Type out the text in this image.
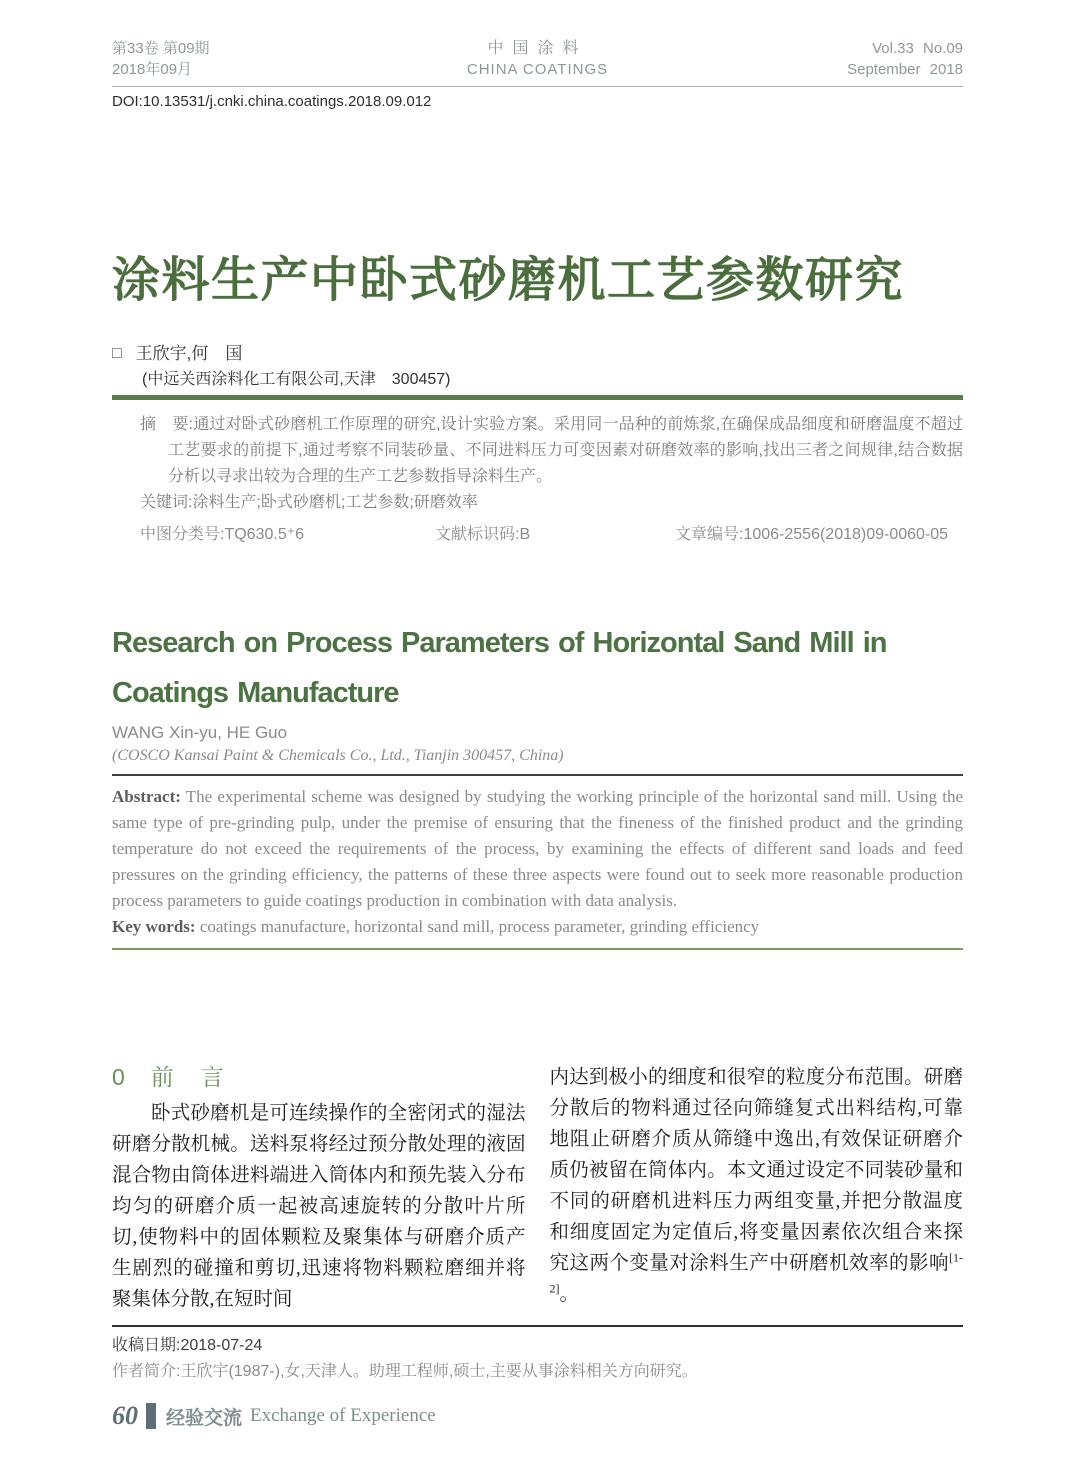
第33卷 第09期
2018年09月
中国涂料
CHINA COATINGS
Vol.33 No.09
September 2018
DOI:10.13531/j.cnki.china.coatings.2018.09.012
涂料生产中卧式砂磨机工艺参数研究
□ 王欣宇,何　国
(中远关西涂料化工有限公司,天津　300457)

摘　要:通过对卧式砂磨机工作原理的研究,设计实验方案。采用同一品种的前炼浆,在确保成品细度和研磨温度不超过工艺要求的前提下,通过考察不同装砂量、不同进料压力可变因素对研磨效率的影响,找出三者之间规律,结合数据分析以寻求出较为合理的生产工艺参数指导涂料生产。

关键词:涂料生产;卧式砂磨机;工艺参数;研磨效率

中图分类号:TQ630.5⁺6	文献标识码:B	文章编号:1006-2556(2018)09-0060-05
Research on Process Parameters of Horizontal Sand Mill in Coatings Manufacture
WANG Xin-yu, HE Guo
(COSCO Kansai Paint & Chemicals Co., Ltd., Tianjin 300457, China)

Abstract: The experimental scheme was designed by studying the working principle of the horizontal sand mill. Using the same type of pre-grinding pulp, under the premise of ensuring that the fineness of the finished product and the grinding temperature do not exceed the requirements of the process, by examining the effects of different sand loads and feed pressures on the grinding efficiency, the patterns of these three aspects were found out to seek more reasonable production process parameters to guide coatings production in combination with data analysis.

Key words: coatings manufacture, horizontal sand mill, process parameter, grinding efficiency

0 前　言

卧式砂磨机是可连续操作的全密闭式的湿法研磨分散机械。送料泵将经过预分散处理的液固混合物由筒体进料端进入筒体内和预先装入分布均匀的研磨介质一起被高速旋转的分散叶片所切,使物料中的固体颗粒及聚集体与研磨介质产生剧烈的碰撞和剪切,迅速将物料颗粒磨细并将聚集体分散,在短时间

内达到极小的细度和很窄的粒度分布范围。研磨分散后的物料通过径向筛缝复式出料结构,可靠地阻止研磨介质从筛缝中逸出,有效保证研磨介质仍被留在筒体内。本文通过设定不同装砂量和不同的研磨机进料压力两组变量,并把分散温度和细度固定为定值后,将变量因素依次组合来探究这两个变量对涂料生产中研磨机效率的影响[1-2]。

收稿日期:2018-07-24

作者简介:王欣宇(1987-),女,天津人。助理工程师,硕士,主要从事涂料相关方向研究。

60 经验交流 Exchange of Experience
